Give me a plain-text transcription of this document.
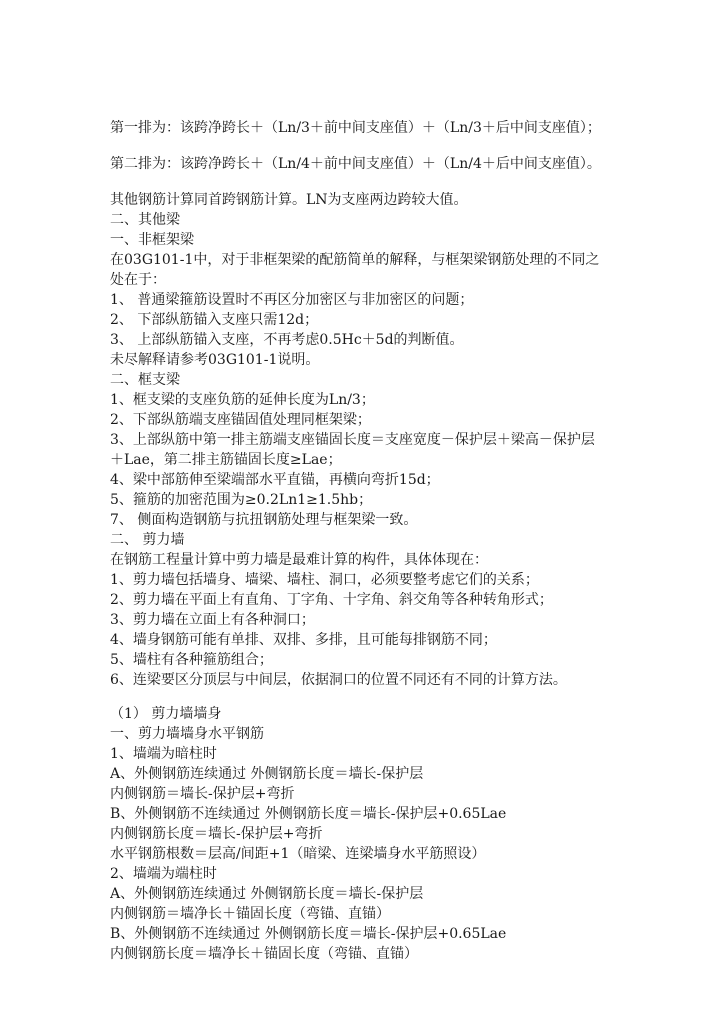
第一排为：该跨净跨长＋（Ln/3＋前中间支座值）＋（Ln/3＋后中间支座值）；
第二排为：该跨净跨长＋（Ln/4＋前中间支座值）＋（Ln/4＋后中间支座值）。
其他钢筋计算同首跨钢筋计算。LN为支座两边跨较大值。
二、其他梁
一、非框架梁
在03G101-1中，对于非框架梁的配筋简单的解释，与框架梁钢筋处理的不同之
处在于：
1、 普通梁箍筋设置时不再区分加密区与非加密区的问题；
2、 下部纵筋锚入支座只需12d；
3、 上部纵筋锚入支座，不再考虑0.5Hc＋5d的判断值。
未尽解释请参考03G101-1说明。
二、框支梁
1、框支梁的支座负筋的延伸长度为Ln/3；
2、下部纵筋端支座锚固值处理同框架梁；
3、上部纵筋中第一排主筋端支座锚固长度＝支座宽度－保护层＋梁高－保护层
＋Lae，第二排主筋锚固长度≥Lae；
4、梁中部筋伸至梁端部水平直锚，再横向弯折15d；
5、箍筋的加密范围为≥0.2Ln1≥1.5hb；
7、 侧面构造钢筋与抗扭钢筋处理与框架梁一致。
二、 剪力墙
在钢筋工程量计算中剪力墙是最难计算的构件，具体体现在：
1、剪力墙包括墙身、墙梁、墙柱、洞口，必须要整考虑它们的关系；
2、剪力墙在平面上有直角、丁字角、十字角、斜交角等各种转角形式；
3、剪力墙在立面上有各种洞口；
4、墙身钢筋可能有单排、双排、多排，且可能每排钢筋不同；
5、墙柱有各种箍筋组合；
6、连梁要区分顶层与中间层，依据洞口的位置不同还有不同的计算方法。
（1） 剪力墙墙身
一、剪力墙墙身水平钢筋
1、墙端为暗柱时
A、外侧钢筋连续通过 外侧钢筋长度＝墙长-保护层
内侧钢筋＝墙长-保护层+弯折
B、外侧钢筋不连续通过 外侧钢筋长度＝墙长-保护层+0.65Lae
内侧钢筋长度＝墙长-保护层+弯折
水平钢筋根数＝层高/间距+1（暗梁、连梁墙身水平筋照设）
2、墙端为端柱时
A、外侧钢筋连续通过 外侧钢筋长度＝墙长-保护层
内侧钢筋＝墙净长＋锚固长度（弯锚、直锚）
B、外侧钢筋不连续通过 外侧钢筋长度＝墙长-保护层+0.65Lae
内侧钢筋长度＝墙净长＋锚固长度（弯锚、直锚）
